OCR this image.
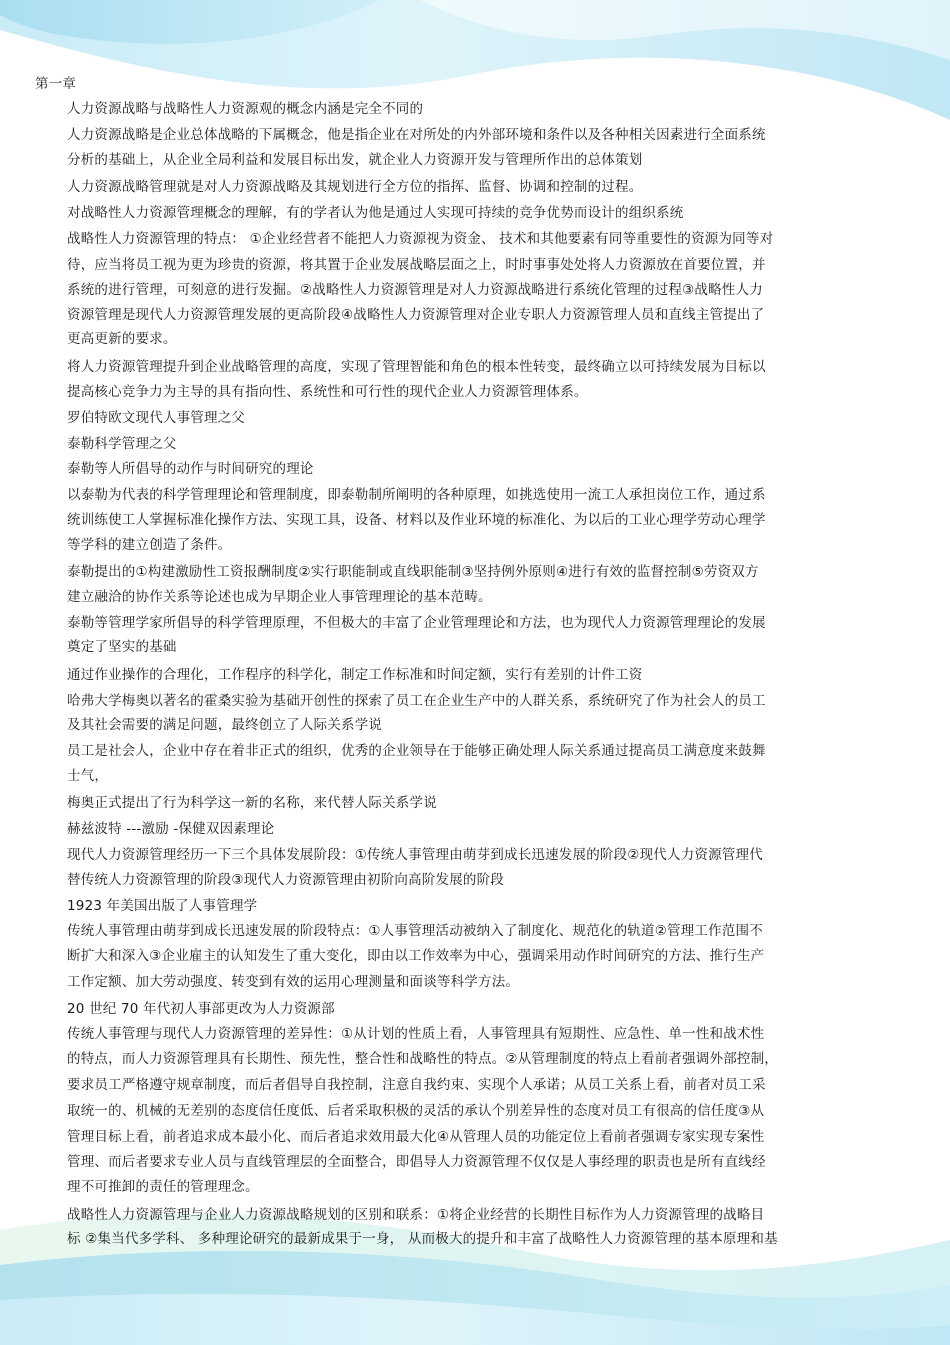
第一章
人力资源战略与战略性人力资源观的概念内涵是完全不同的
人力资源战略是企业总体战略的下属概念，他是指企业在对所处的内外部环境和条件以及各种相关因素进行全面系统
分析的基础上，从企业全局利益和发展目标出发，就企业人力资源开发与管理所作出的总体策划
人力资源战略管理就是对人力资源战略及其规划进行全方位的指挥、监督、协调和控制的过程。
对战略性人力资源管理概念的理解，有的学者认为他是通过人实现可持续的竞争优势而设计的组织系统
战略性人力资源管理的特点： ①企业经营者不能把人力资源视为资金、 技术和其他要素有同等重要性的资源为同等对
待，应当将员工视为更为珍贵的资源，将其置于企业发展战略层面之上，时时事事处处将人力资源放在首要位置，并
系统的进行管理，可刻意的进行发掘。②战略性人力资源管理是对人力资源战略进行系统化管理的过程③战略性人力
资源管理是现代人力资源管理发展的更高阶段④战略性人力资源管理对企业专职人力资源管理人员和直线主管提出了
更高更新的要求。
将人力资源管理提升到企业战略管理的高度，实现了管理智能和角色的根本性转变，最终确立以可持续发展为目标以
提高核心竞争力为主导的具有指向性、系统性和可行性的现代企业人力资源管理体系。
罗伯特欧文现代人事管理之父
泰勒科学管理之父
泰勒等人所倡导的动作与时间研究的理论
以泰勒为代表的科学管理理论和管理制度，即泰勒制所阐明的各种原理，如挑选使用一流工人承担岗位工作，通过系
统训练使工人掌握标准化操作方法、实现工具，设备、材料以及作业环境的标准化、为以后的工业心理学劳动心理学
等学科的建立创造了条件。
泰勒提出的①构建激励性工资报酬制度②实行职能制或直线职能制③坚持例外原则④进行有效的监督控制⑤劳资双方
建立融洽的协作关系等论述也成为早期企业人事管理理论的基本范畴。
泰勒等管理学家所倡导的科学管理原理，不但极大的丰富了企业管理理论和方法，也为现代人力资源管理理论的发展
奠定了坚实的基础
通过作业操作的合理化，工作程序的科学化，制定工作标准和时间定额，实行有差别的计件工资
哈弗大学梅奥以著名的霍桑实验为基础开创性的探索了员工在企业生产中的人群关系，系统研究了作为社会人的员工
及其社会需要的满足问题，最终创立了人际关系学说
员工是社会人，企业中存在着非正式的组织，优秀的企业领导在于能够正确处理人际关系通过提高员工满意度来鼓舞
士气，
梅奥正式提出了行为科学这一新的名称，来代替人际关系学说
赫兹波特 ---激励 -保健双因素理论
现代人力资源管理经历一下三个具体发展阶段：①传统人事管理由萌芽到成长迅速发展的阶段②现代人力资源管理代
替传统人力资源管理的阶段③现代人力资源管理由初阶向高阶发展的阶段
1923 年美国出版了人事管理学
传统人事管理由萌芽到成长迅速发展的阶段特点：①人事管理活动被纳入了制度化、规范化的轨道②管理工作范围不
断扩大和深入③企业雇主的认知发生了重大变化，即由以工作效率为中心，强调采用动作时间研究的方法、推行生产
工作定额、加大劳动强度、转变到有效的运用心理测量和面谈等科学方法。
20 世纪 70 年代初人事部更改为人力资源部
传统人事管理与现代人力资源管理的差异性：①从计划的性质上看，人事管理具有短期性、应急性、单一性和战术性
的特点，而人力资源管理具有长期性、预先性，整合性和战略性的特点。②从管理制度的特点上看前者强调外部控制，
要求员工严格遵守规章制度，而后者倡导自我控制，注意自我约束、实现个人承诺；从员工关系上看，前者对员工采
取统一的、机械的无差别的态度信任度低、后者采取积极的灵活的承认个别差异性的态度对员工有很高的信任度③从
管理目标上看，前者追求成本最小化、而后者追求效用最大化④从管理人员的功能定位上看前者强调专家实现专案性
管理、而后者要求专业人员与直线管理层的全面整合，即倡导人力资源管理不仅仅是人事经理的职责也是所有直线经
理不可推卸的责任的管理理念。
战略性人力资源管理与企业人力资源战略规划的区别和联系：①将企业经营的长期性目标作为人力资源管理的战略目
标 ②集当代多学科、 多种理论研究的最新成果于一身， 从而极大的提升和丰富了战略性人力资源管理的基本原理和基
